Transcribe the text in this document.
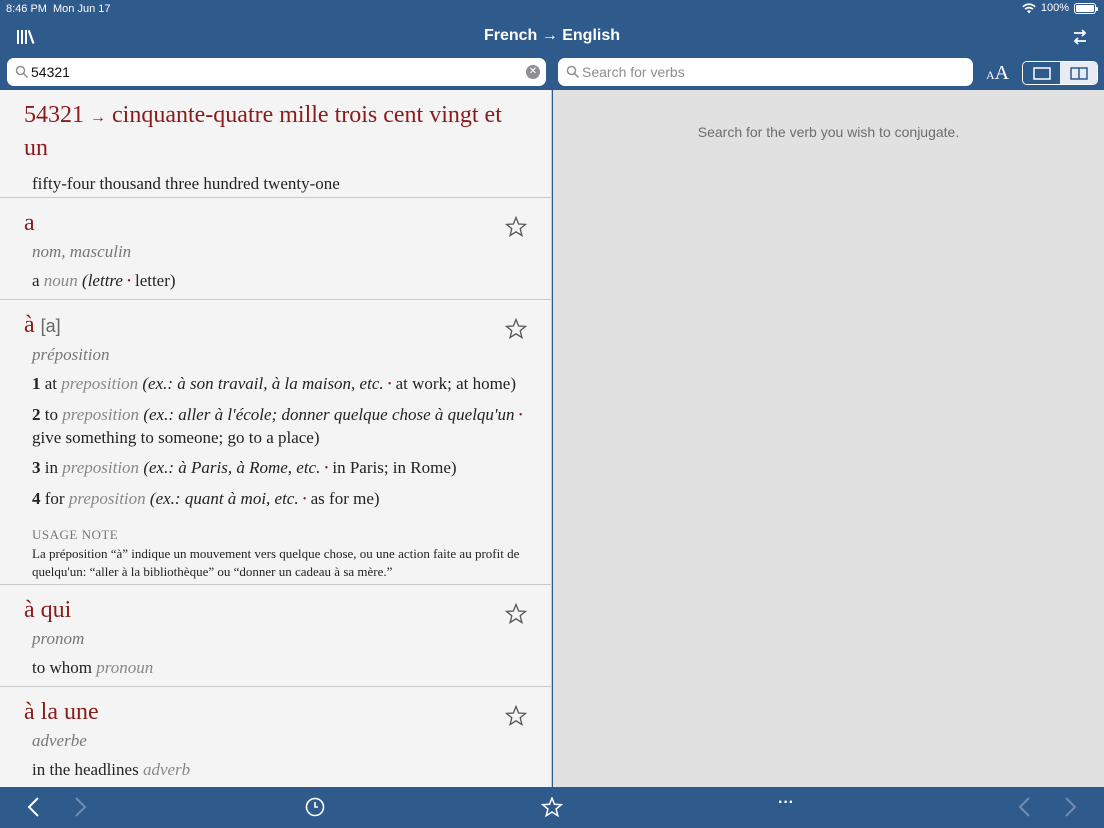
8:46 PM Mon Jun 17	100%
French → English
54321
✕
Search for verbs	AA
54321 → cinquante-quatre mille trois cent vingt et un
fifty-four thousand three hundred twenty-one
a
nom, masculin
a noun (lettre • letter)
à [a]
préposition
1 at preposition (ex.: à son travail, à la maison, etc. • at work; at home)
2 to preposition (ex.: aller à l'école; donner quelque chose à quelqu'un • give something to someone; go to a place)
3 in preposition (ex.: à Paris, à Rome, etc. • in Paris; in Rome)
4 for preposition (ex.: quant à moi, etc. • as for me)
USAGE NOTE
La préposition “à” indique un mouvement vers quelque chose, ou une action faite au profit de quelqu'un: “aller à la bibliothèque” ou “donner un cadeau à sa mère.”
à qui
pronom
to whom pronoun
à la une
adverbe
in the headlines adverb
Search for the verb you wish to conjugate.
···
